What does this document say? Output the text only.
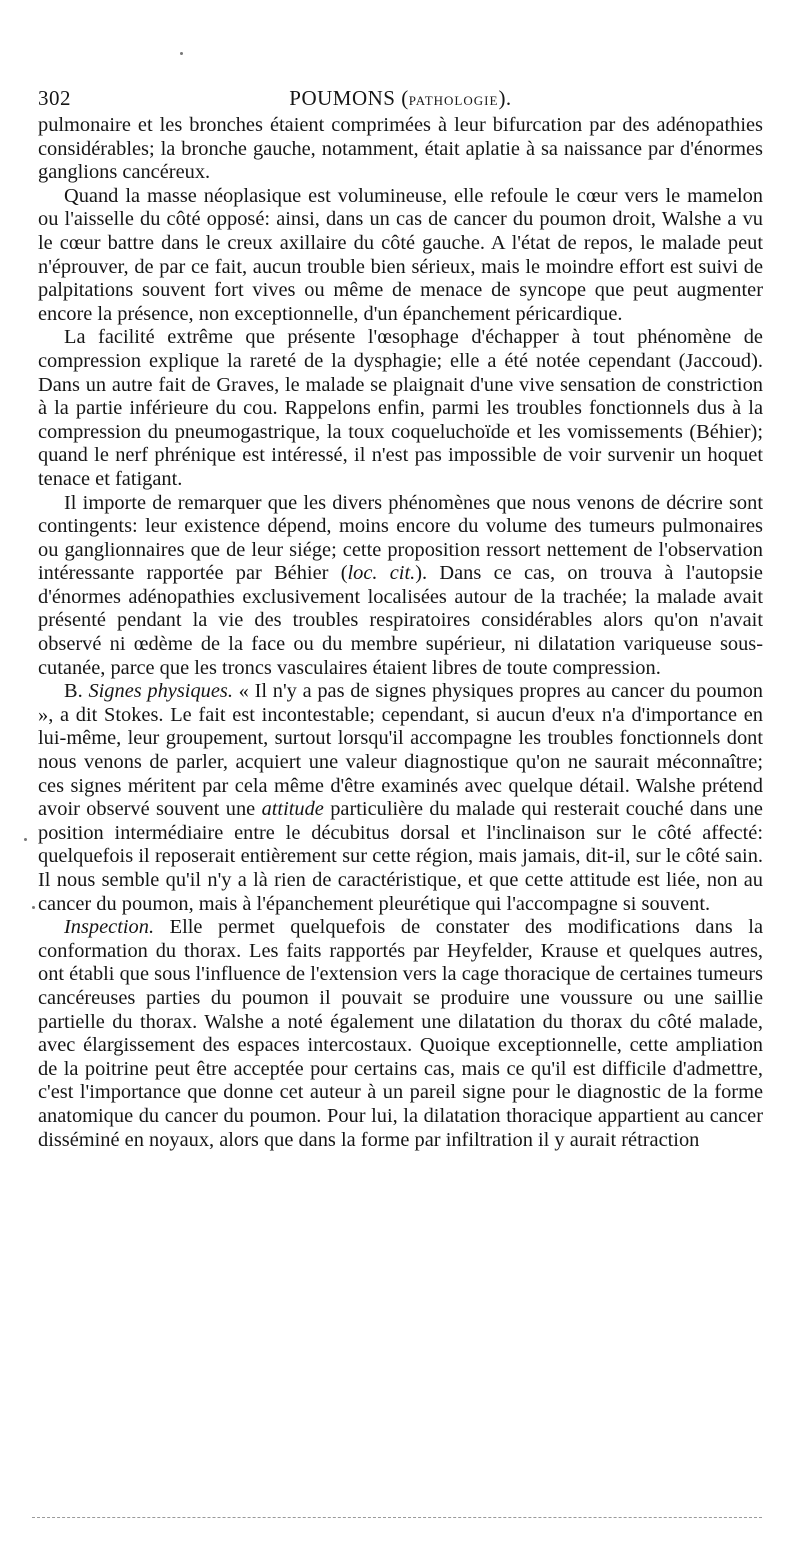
302	POUMONS (PATHOLOGIE).

pulmonaire et les bronches étaient comprimées à leur bifurcation par des adénopathies considérables; la bronche gauche, notamment, était aplatie à sa naissance par d'énormes ganglions cancéreux.

Quand la masse néoplasique est volumineuse, elle refoule le cœur vers le mamelon ou l'aisselle du côté opposé: ainsi, dans un cas de cancer du poumon droit, Walshe a vu le cœur battre dans le creux axillaire du côté gauche. A l'état de repos, le malade peut n'éprouver, de par ce fait, aucun trouble bien sérieux, mais le moindre effort est suivi de palpitations souvent fort vives ou même de menace de syncope que peut augmenter encore la présence, non exceptionnelle, d'un épanchement péricardique.

La facilité extrême que présente l'œsophage d'échapper à tout phénomène de compression explique la rareté de la dysphagie; elle a été notée cependant (Jaccoud). Dans un autre fait de Graves, le malade se plaignait d'une vive sensation de constriction à la partie inférieure du cou. Rappelons enfin, parmi les troubles fonctionnels dus à la compression du pneumogastrique, la toux coqueluchoïde et les vomissements (Béhier); quand le nerf phrénique est intéressé, il n'est pas impossible de voir survenir un hoquet tenace et fatigant.

Il importe de remarquer que les divers phénomènes que nous venons de décrire sont contingents: leur existence dépend, moins encore du volume des tumeurs pulmonaires ou ganglionnaires que de leur siége; cette proposition ressort nettement de l'observation intéressante rapportée par Béhier (loc. cit.). Dans ce cas, on trouva à l'autopsie d'énormes adénopathies exclusivement localisées autour de la trachée; la malade avait présenté pendant la vie des troubles respiratoires considérables alors qu'on n'avait observé ni œdème de la face ou du membre supérieur, ni dilatation variqueuse sous-cutanée, parce que les troncs vasculaires étaient libres de toute compression.

B. Signes physiques. « Il n'y a pas de signes physiques propres au cancer du poumon », a dit Stokes. Le fait est incontestable; cependant, si aucun d'eux n'a d'importance en lui-même, leur groupement, surtout lorsqu'il accompagne les troubles fonctionnels dont nous venons de parler, acquiert une valeur diagnostique qu'on ne saurait méconnaître; ces signes méritent par cela même d'être examinés avec quelque détail. Walshe prétend avoir observé souvent une attitude particulière du malade qui resterait couché dans une position intermédiaire entre le décubitus dorsal et l'inclinaison sur le côté affecté: quelquefois il reposerait entièrement sur cette région, mais jamais, dit-il, sur le côté sain. Il nous semble qu'il n'y a là rien de caractéristique, et que cette attitude est liée, non au cancer du poumon, mais à l'épanchement pleurétique qui l'accompagne si souvent.

Inspection. Elle permet quelquefois de constater des modifications dans la conformation du thorax. Les faits rapportés par Heyfelder, Krause et quelques autres, ont établi que sous l'influence de l'extension vers la cage thoracique de certaines tumeurs cancéreuses parties du poumon il pouvait se produire une voussure ou une saillie partielle du thorax. Walshe a noté également une dilatation du thorax du côté malade, avec élargissement des espaces intercostaux. Quoique exceptionnelle, cette ampliation de la poitrine peut être acceptée pour certains cas, mais ce qu'il est difficile d'admettre, c'est l'importance que donne cet auteur à un pareil signe pour le diagnostic de la forme anatomique du cancer du poumon. Pour lui, la dilatation thoracique appartient au cancer disséminé en noyaux, alors que dans la forme par infiltration il y aurait rétraction
